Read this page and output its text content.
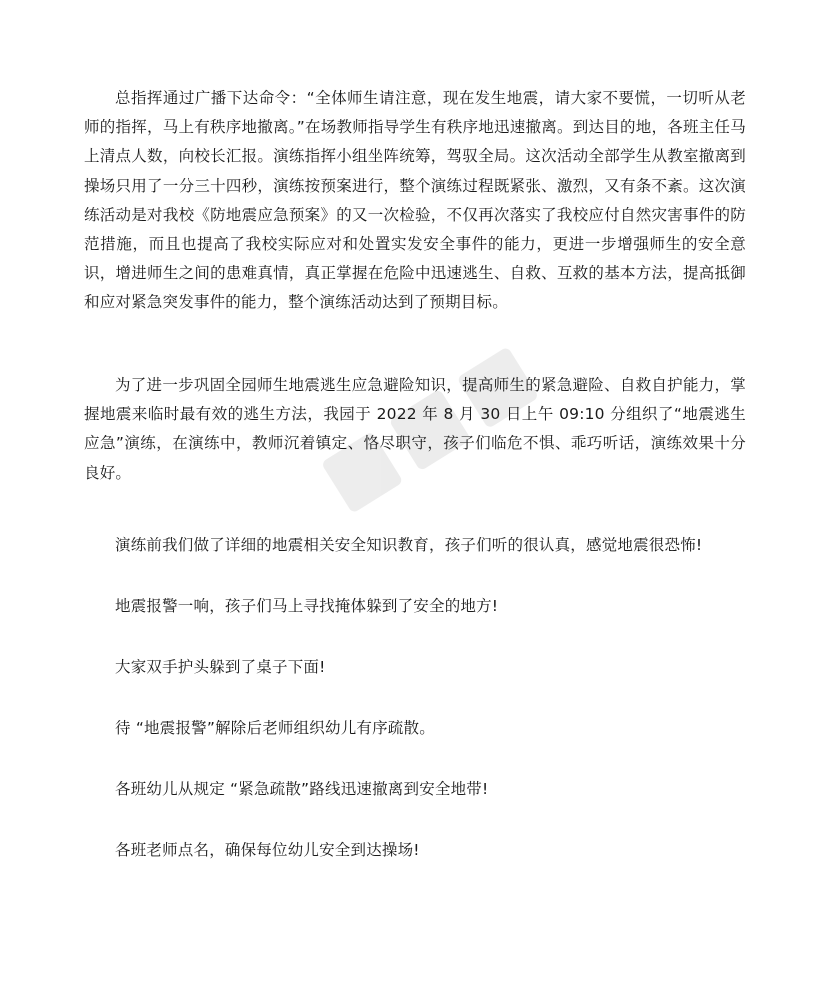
总指挥通过广播下达命令：“全体师生请注意，现在发生地震，请大家不要慌，一切听从老师的指挥，马上有秩序地撤离。”在场教师指导学生有秩序地迅速撤离。到达目的地，各班主任马上清点人数，向校长汇报。演练指挥小组坐阵统筹，驾驭全局。这次活动全部学生从教室撤离到操场只用了一分三十四秒，演练按预案进行，整个演练过程既紧张、激烈，又有条不紊。这次演练活动是对我校《防地震应急预案》的又一次检验，不仅再次落实了我校应付自然灾害事件的防范措施，而且也提高了我校实际应对和处置实发安全事件的能力，更进一步增强师生的安全意识，增进师生之间的患难真情，真正掌握在危险中迅速逃生、自救、互救的基本方法，提高抵御和应对紧急突发事件的能力，整个演练活动达到了预期目标。

为了进一步巩固全园师生地震逃生应急避险知识，提高师生的紧急避险、自救自护能力，掌握地震来临时最有效的逃生方法，我园于 2022 年 8 月 30 日上午 09:10 分组织了“地震逃生应急”演练，在演练中，教师沉着镇定、恪尽职守，孩子们临危不惧、乖巧听话，演练效果十分良好。

演练前我们做了详细的地震相关安全知识教育，孩子们听的很认真，感觉地震很恐怖!

地震报警一响，孩子们马上寻找掩体躲到了安全的地方!

大家双手护头躲到了桌子下面!

待 “地震报警”解除后老师组织幼儿有序疏散。

各班幼儿从规定 “紧急疏散”路线迅速撤离到安全地带!

各班老师点名，确保每位幼儿安全到达操场!
